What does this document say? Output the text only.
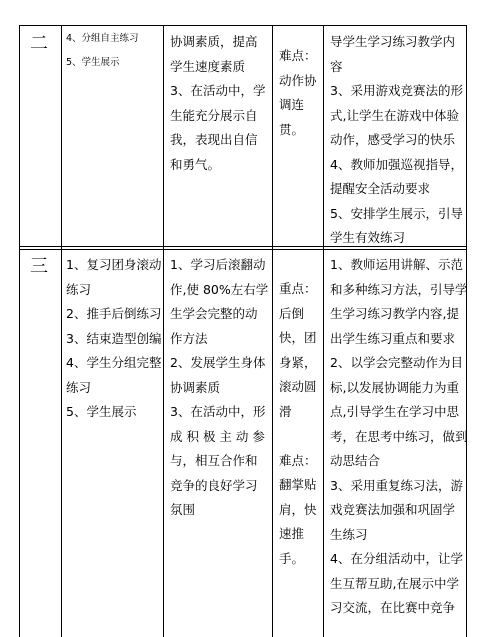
二 4、分组自主练习
5、学生展示
协调素质，提高
学生速度素质
3、在活动中，学
生能充分展示自
我，表现出自信
和勇气。
难点：
动作协
调连
贯。
导学生学习练习教学内
容
3、采用游戏竞赛法的形
式,让学生在游戏中体验
动作，感受学习的快乐
4、教师加强巡视指导，
提醒安全活动要求
5、安排学生展示，引导
学生有效练习
三 1、复习团身滚动
练习
2、推手后倒练习
3、结束造型创编
4、学生分组完整
练习
5、学生展示
1、学习后滚翻动
作,使 80%左右学
生学会完整的动
作方法
2、发展学生身体
协调素质
3、在活动中，形
成 积 极 主 动 参
与，相互合作和
竞争的良好学习
氛围
重点：
后倒
快，团
身紧，
滚动圆
滑

难点：
翻掌贴
肩，快
速推
手。
1、教师运用讲解、示范
和多种练习方法，引导学
生学习练习教学内容,提
出学生练习重点和要求
2、以学会完整动作为目
标,以发展协调能力为重
点,引导学生在学习中思
考，在思考中练习，做到
动思结合
3、采用重复练习法，游
戏竞赛法加强和巩固学
生练习
4、在分组活动中，让学
生互帮互助,在展示中学
习交流，在比赛中竞争
